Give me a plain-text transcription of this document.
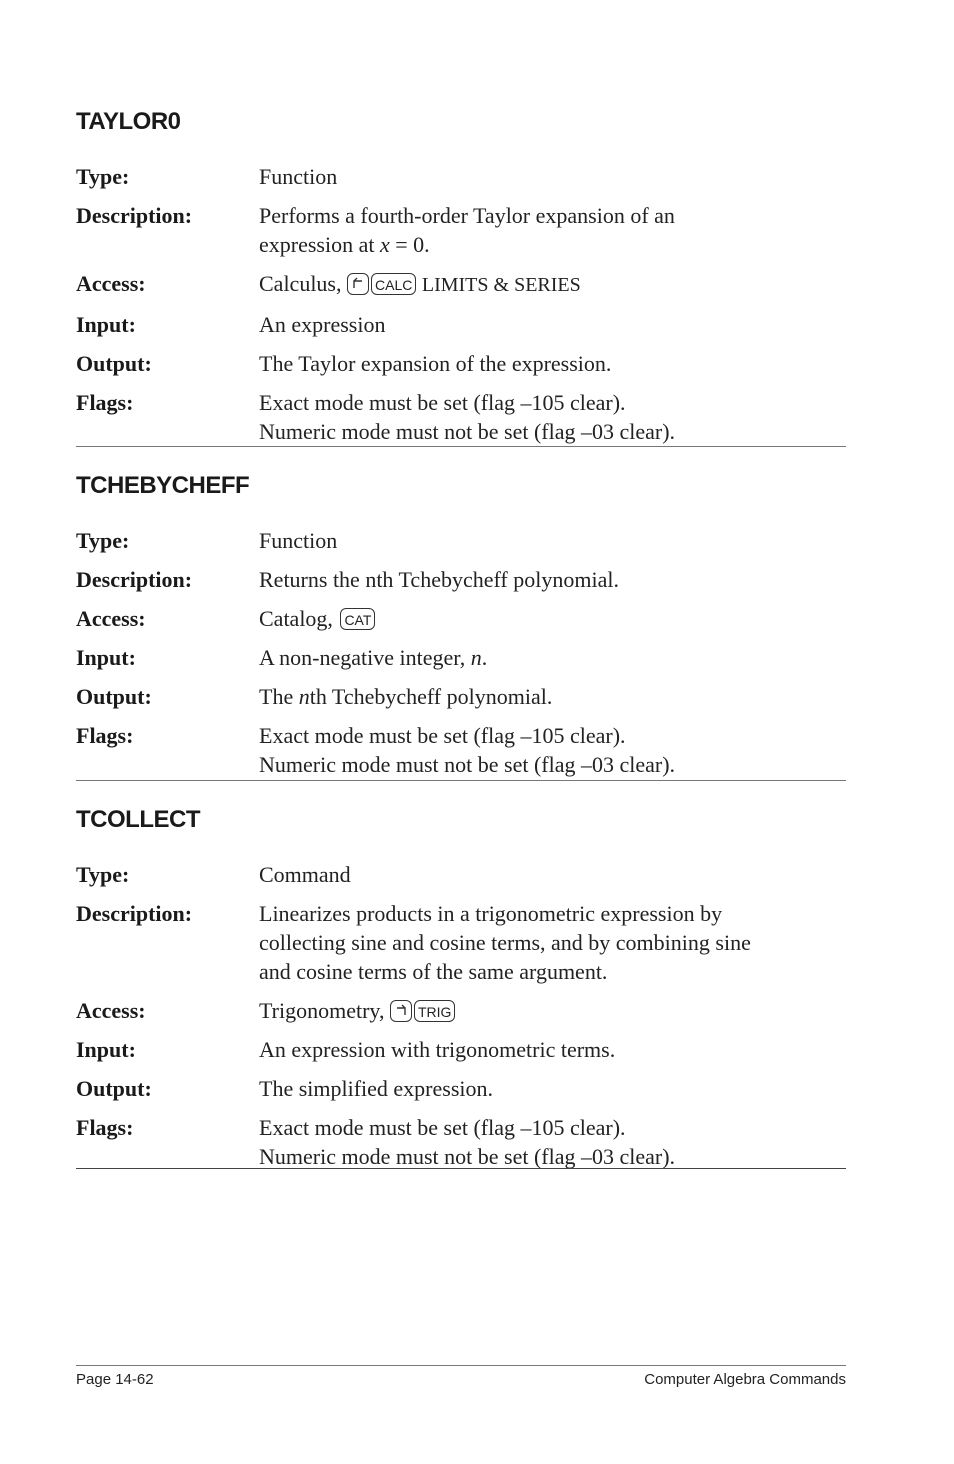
TAYLOR0
Type:	Function
Description:	Performs a fourth-order Taylor expansion of an
expression at x = 0.
Access:	Calculus, CALC LIMITS & SERIES
Input:	An expression
Output:	The Taylor expansion of the expression.
Flags:	Exact mode must be set (flag –105 clear).
Numeric mode must not be set (flag –03 clear).
TCHEBYCHEFF
Type:	Function
Description:	Returns the nth Tchebycheff polynomial.
Access:	Catalog, CAT
Input:	A non-negative integer, n.
Output:	The nth Tchebycheff polynomial.
Flags:	Exact mode must be set (flag –105 clear).
Numeric mode must not be set (flag –03 clear).
TCOLLECT
Type:	Command
Description:	Linearizes products in a trigonometric expression by
collecting sine and cosine terms, and by combining sine
and cosine terms of the same argument.
Access:	Trigonometry, TRIG
Input:	An expression with trigonometric terms.
Output:	The simplified expression.
Flags:	Exact mode must be set (flag –105 clear).
Numeric mode must not be set (flag –03 clear).
Page 14-62	Computer Algebra Commands
